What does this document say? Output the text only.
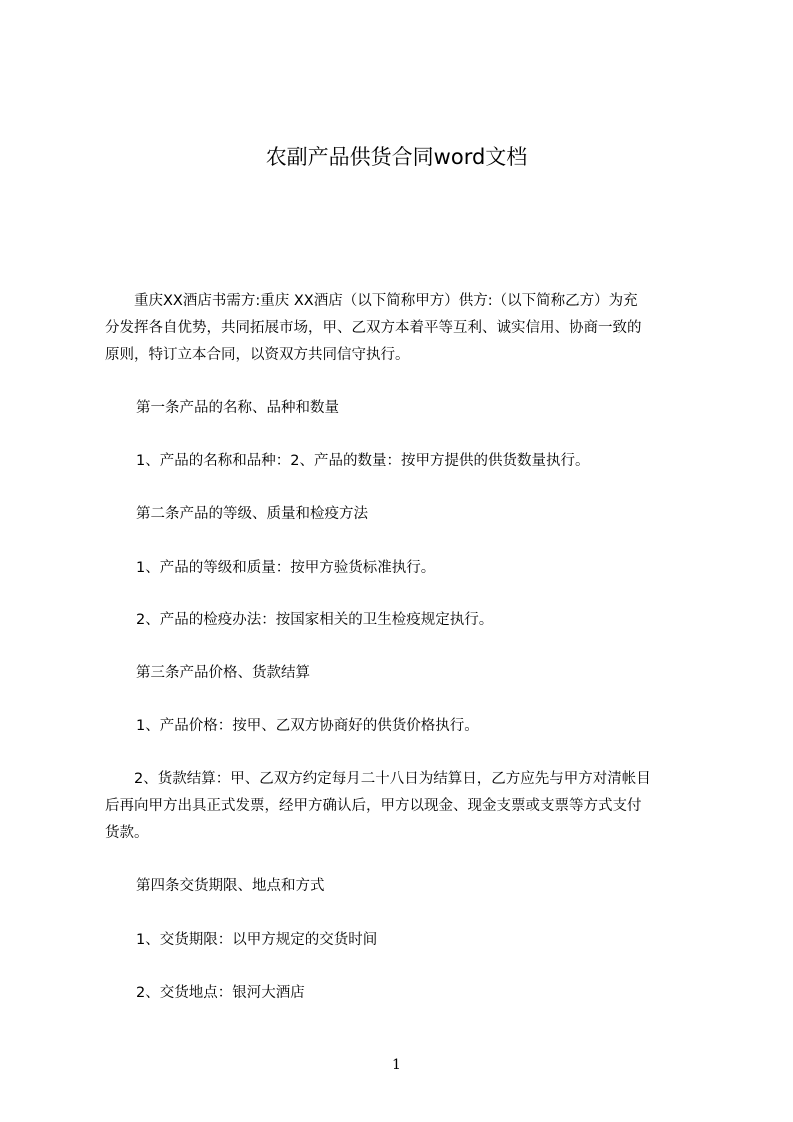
农副产品供货合同word文档
　　重庆XX酒店书需方:重庆 XX酒店（以下简称甲方）供方:（以下简称乙方）为充
分发挥各自优势，共同拓展市场，甲、乙双方本着平等互利、诚实信用、协商一致的
原则，特订立本合同，以资双方共同信守执行。
第一条产品的名称、品种和数量
1、产品的名称和品种：2、产品的数量：按甲方提供的供货数量执行。
第二条产品的等级、质量和检疫方法
1、产品的等级和质量：按甲方验货标准执行。
2、产品的检疫办法：按国家相关的卫生检疫规定执行。
第三条产品价格、货款结算
1、产品价格：按甲、乙双方协商好的供货价格执行。
　　2、货款结算：甲、乙双方约定每月二十八日为结算日，乙方应先与甲方对清帐目
后再向甲方出具正式发票，经甲方确认后，甲方以现金、现金支票或支票等方式支付
货款。
第四条交货期限、地点和方式
1、交货期限：以甲方规定的交货时间
2、交货地点：银河大酒店
1
